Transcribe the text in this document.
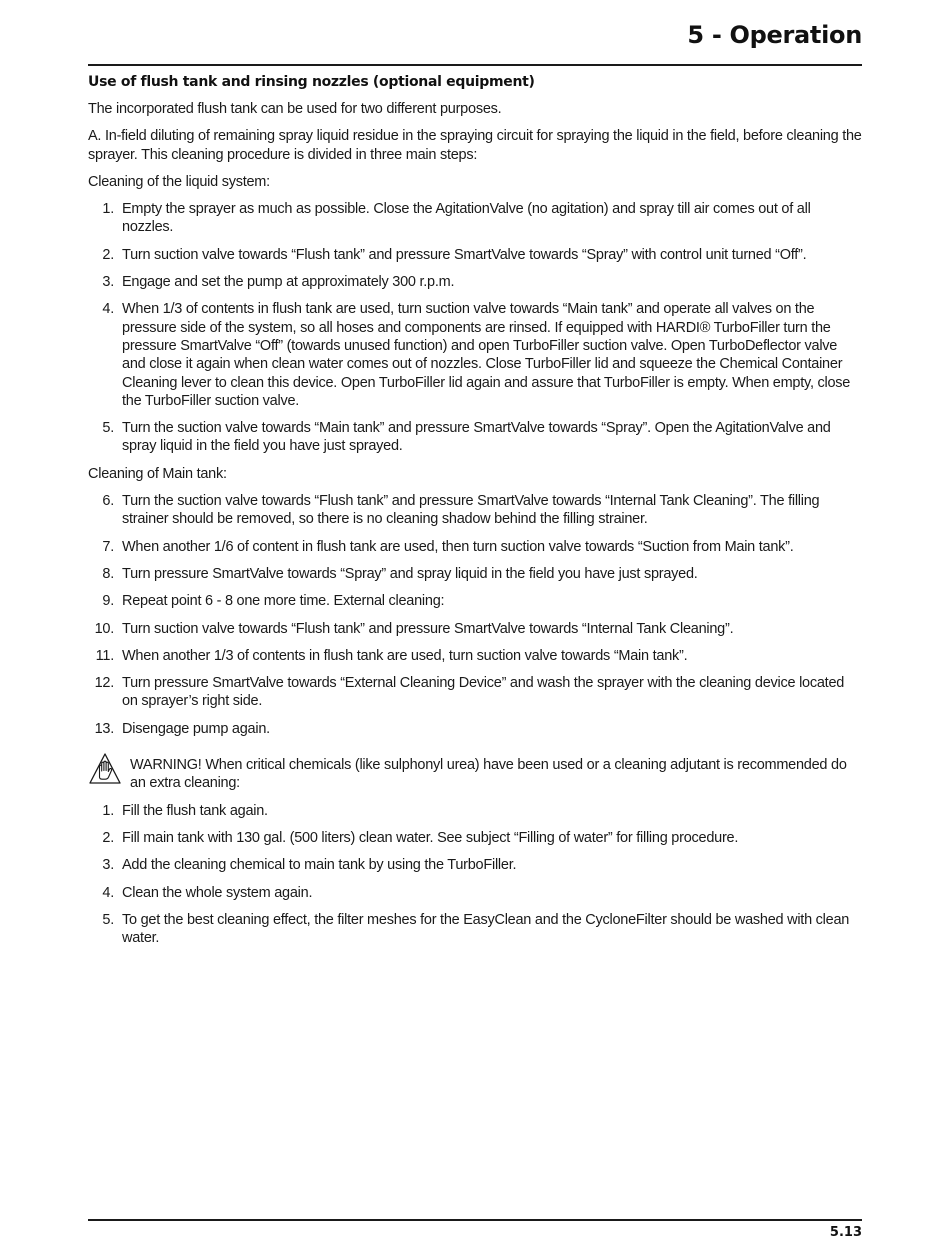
5 - Operation
Use of flush tank and rinsing nozzles (optional equipment)

The incorporated flush tank can be used for two different purposes.

A. In-field diluting of remaining spray liquid residue in the spraying circuit for spraying the liquid in the field, before cleaning the sprayer. This cleaning procedure is divided in three main steps:

Cleaning of the liquid system:

1. Empty the sprayer as much as possible. Close the AgitationValve (no agitation) and spray till air comes out of all nozzles.
2. Turn suction valve towards “Flush tank” and pressure SmartValve towards “Spray” with control unit turned “Off”.
3. Engage and set the pump at approximately 300 r.p.m.
4. When 1/3 of contents in flush tank are used, turn suction valve towards “Main tank” and operate all valves on the pressure side of the system, so all hoses and components are rinsed. If equipped with HARDI® TurboFiller turn the pressure SmartValve “Off” (towards unused function) and open TurboFiller suction valve. Open TurboDeflector valve and close it again when clean water comes out of nozzles. Close TurboFiller lid and squeeze the Chemical Container Cleaning lever to clean this device. Open TurboFiller lid again and assure that TurboFiller is empty. When empty, close the TurboFiller suction valve.
5. Turn the suction valve towards “Main tank” and pressure SmartValve towards “Spray”. Open the AgitationValve and spray liquid in the field you have just sprayed.

Cleaning of Main tank:

6. Turn the suction valve towards “Flush tank” and pressure SmartValve towards “Internal Tank Cleaning”. The filling strainer should be removed, so there is no cleaning shadow behind the filling strainer.
7. When another 1/6 of content in flush tank are used, then turn suction valve towards “Suction from Main tank”.
8. Turn pressure SmartValve towards “Spray” and spray liquid in the field you have just sprayed.
9. Repeat point 6 - 8 one more time. External cleaning:
10. Turn suction valve towards “Flush tank” and pressure SmartValve towards “Internal Tank Cleaning”.
11. When another 1/3 of contents in flush tank are used, turn suction valve towards “Main tank”.
12. Turn pressure SmartValve towards “External Cleaning Device” and wash the sprayer with the cleaning device located on sprayer’s right side.
13. Disengage pump again.
WARNING! When critical chemicals (like sulphonyl urea) have been used or a cleaning adjutant is recommended do an extra cleaning:
1. Fill the flush tank again.
2. Fill main tank with 130 gal. (500 liters) clean water. See subject “Filling of water” for filling procedure.
3. Add the cleaning chemical to main tank by using the TurboFiller.
4. Clean the whole system again.
5. To get the best cleaning effect, the filter meshes for the EasyClean and the CycloneFilter should be washed with clean water.
5.13
